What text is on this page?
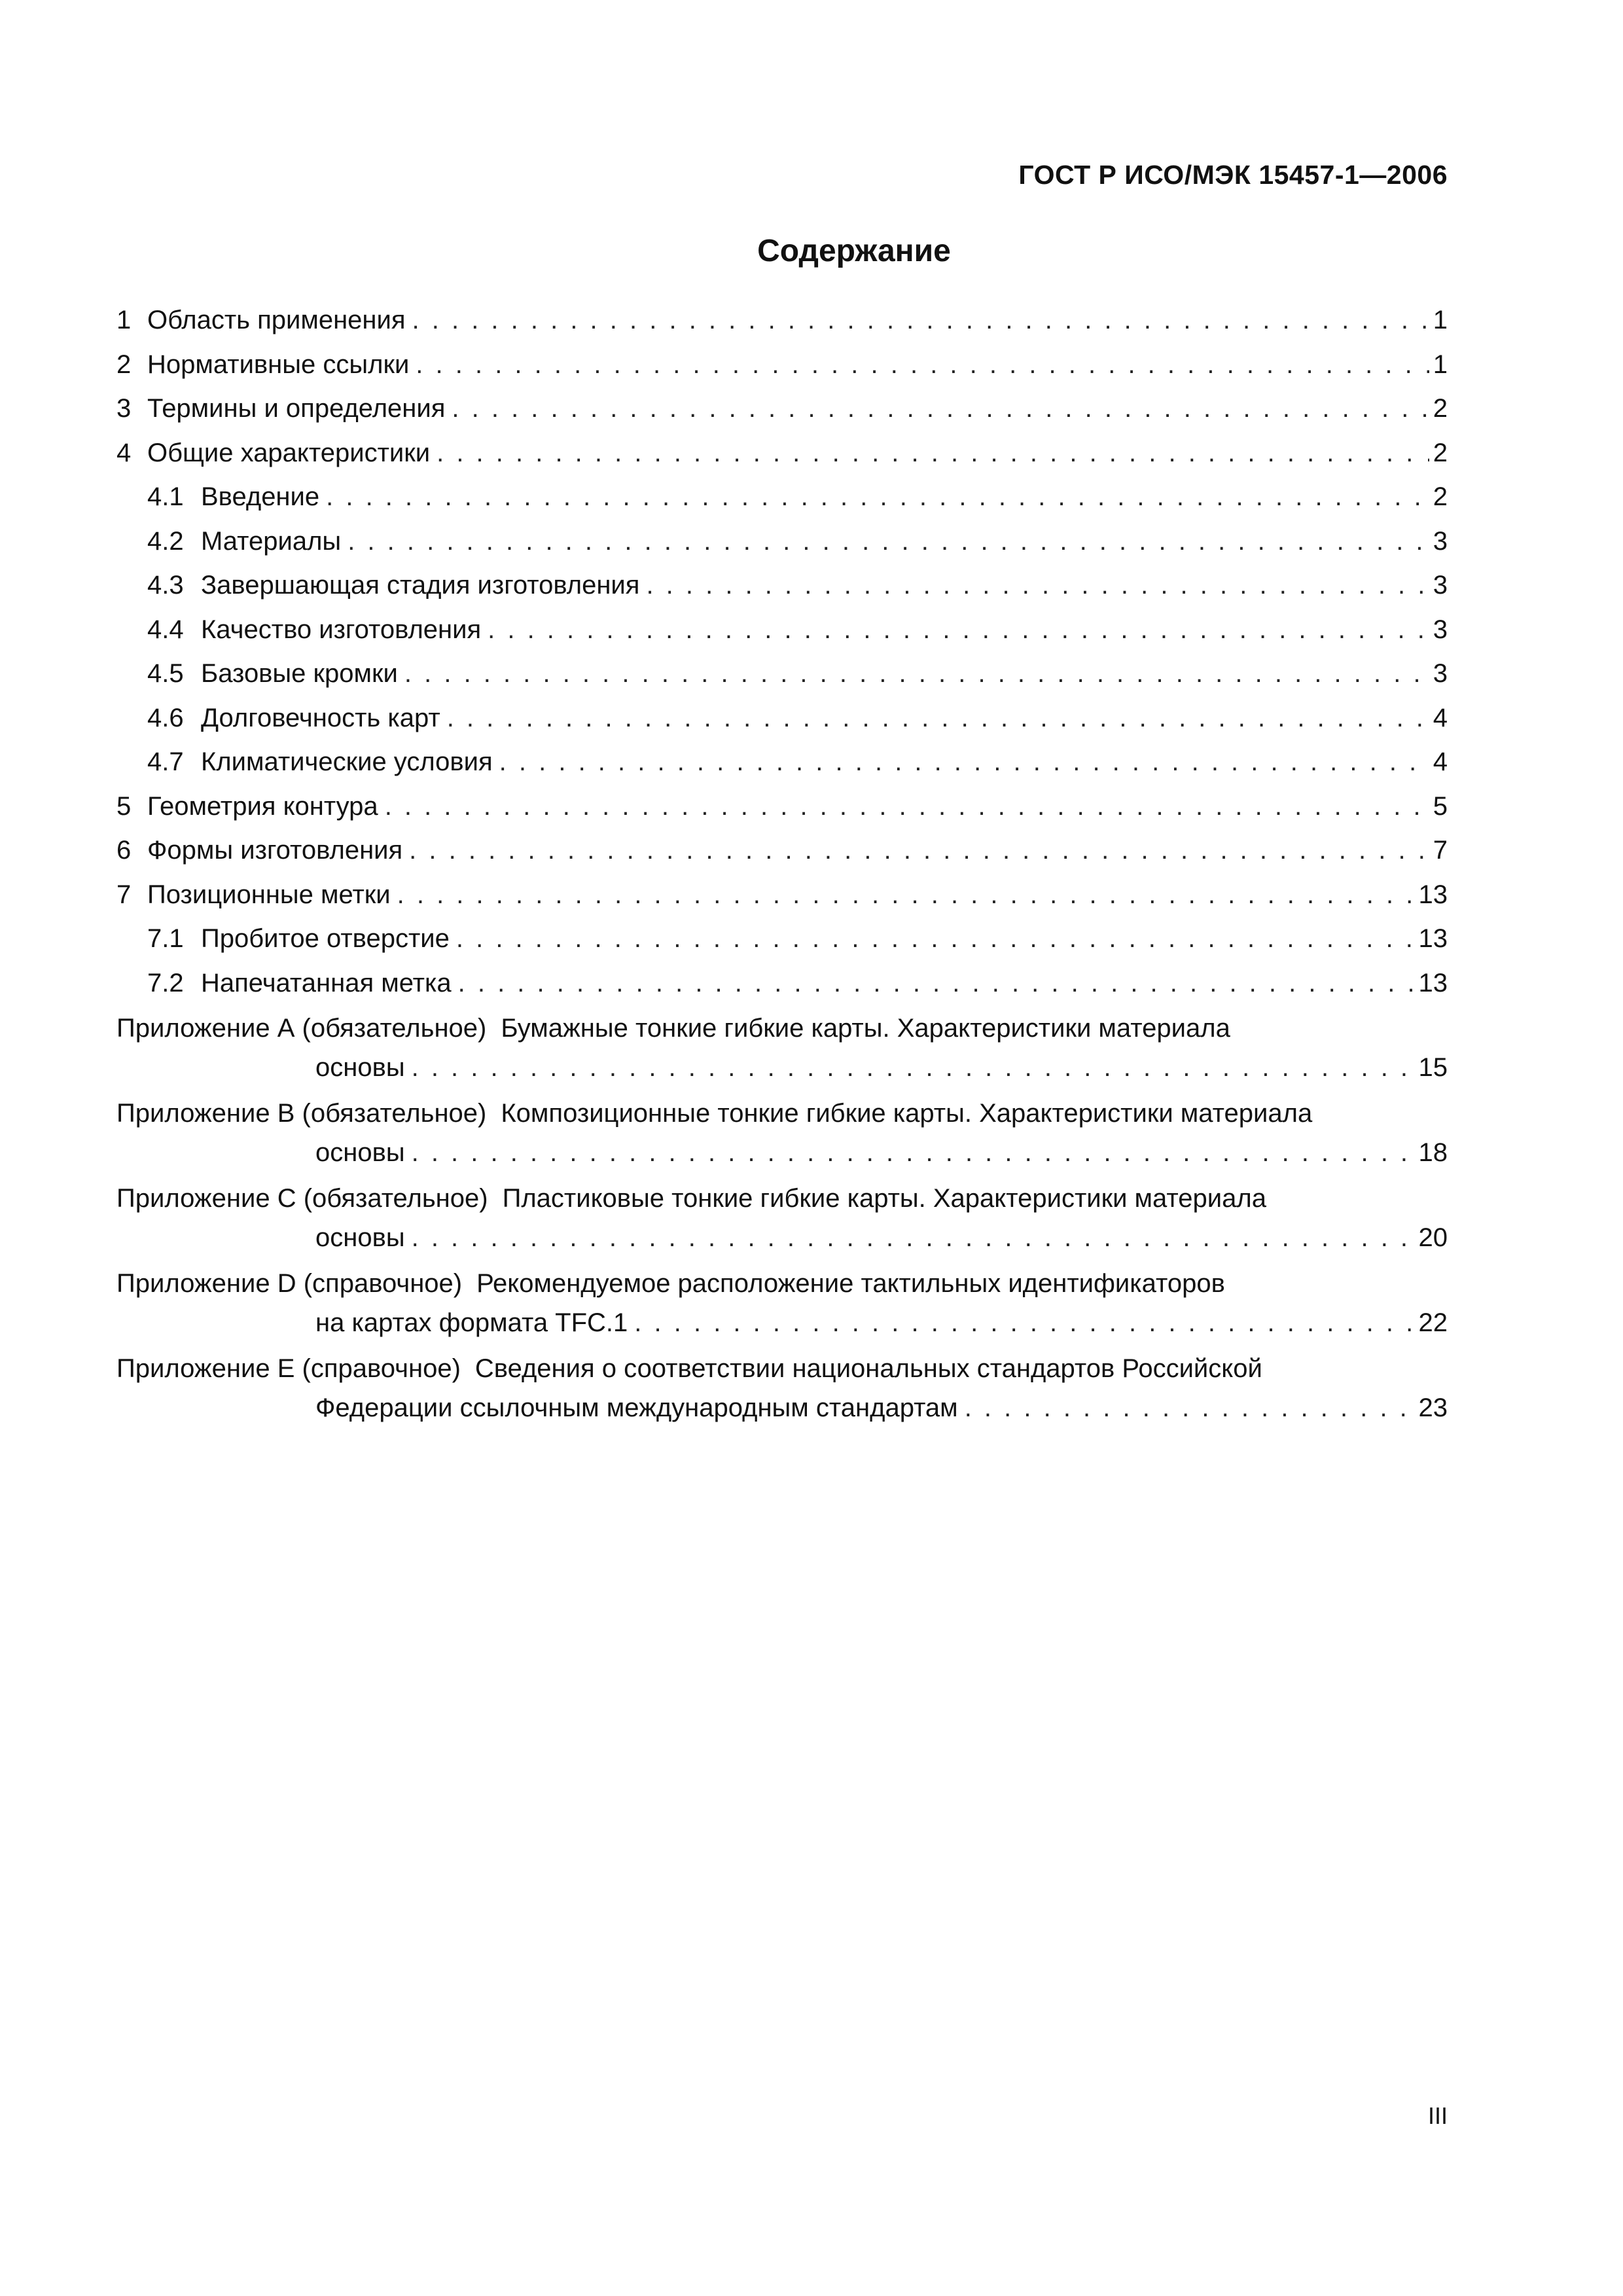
ГОСТ Р ИСО/МЭК 15457-1—2006
Содержание
1 Область применения . . .	1
2 Нормативные ссылки . . .	1
3 Термины и определения . . .	2
4 Общие характеристики . . .	2
4.1 Введение . . .	2
4.2 Материалы . . .	3
4.3 Завершающая стадия изготовления . . .	3
4.4 Качество изготовления . . .	3
4.5 Базовые кромки . . .	3
4.6 Долговечность карт . . .	4
4.7 Климатические условия . . .	4
5 Геометрия контура . . .	5
6 Формы изготовления . . .	7
7 Позиционные метки . . .	13
7.1 Пробитое отверстие . . .	13
7.2 Напечатанная метка . . .	13
Приложение А (обязательное) Бумажные тонкие гибкие карты. Характеристики материала
основы . . .	15
Приложение В (обязательное) Композиционные тонкие гибкие карты. Характеристики материала
основы . . .	18
Приложение С (обязательное) Пластиковые тонкие гибкие карты. Характеристики материала
основы . . .	20
Приложение D (справочное) Рекомендуемое расположение тактильных идентификаторов
на картах формата TFC.1 . . .	22
Приложение Е (справочное) Сведения о соответствии национальных стандартов Российской
Федерации ссылочным международным стандартам . . .	23
III
